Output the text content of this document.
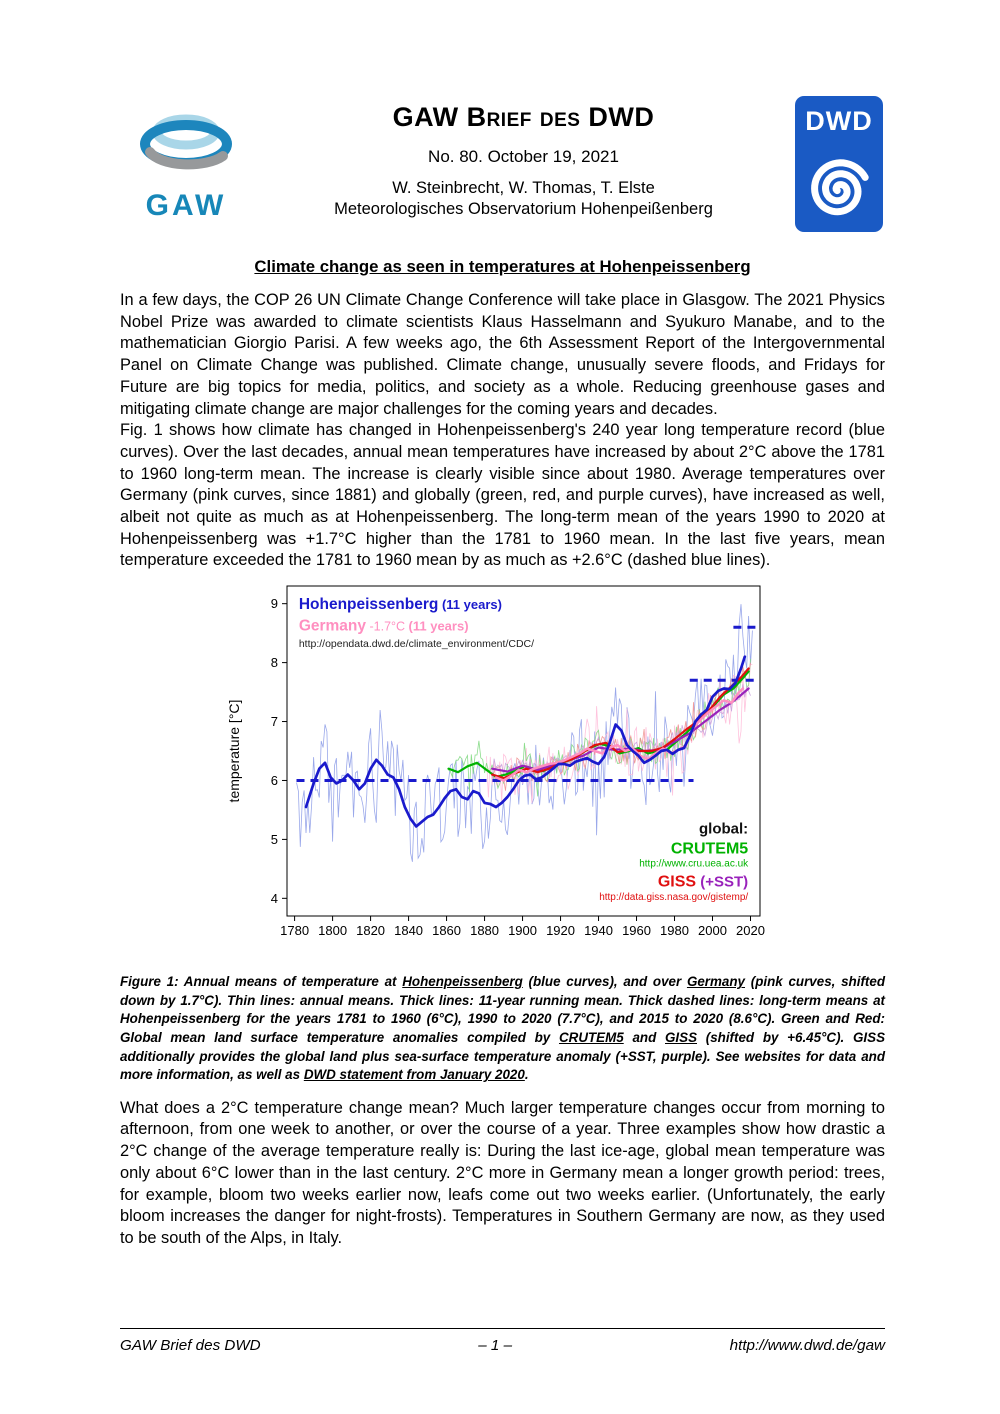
GAW
GAW Brief des DWD
No. 80. October 19, 2021
W. Steinbrecht, W. Thomas, T. Elste
Meteorologisches Observatorium Hohenpeißenberg
DWD
Climate change as seen in temperatures at Hohenpeissenberg

In a few days, the COP 26 UN Climate Change Conference will take place in Glasgow. The 2021 Physics Nobel Prize was awarded to climate scientists Klaus Hasselmann and Syukuro Manabe, and to the mathematician Giorgio Parisi. A few weeks ago, the 6th Assessment Report of the Intergovernmental Panel on Climate Change was published. Climate change, unusually severe floods, and Fridays for Future are big topics for media, politics, and society as a whole. Reducing greenhouse gases and mitigating climate change are major challenges for the coming years and decades.

Fig. 1 shows how climate has changed in Hohenpeissenberg's 240 year long temperature record (blue curves). Over the last decades, annual mean temperatures have increased by about 2°C above the 1781 to 1960 long-term mean. The increase is clearly visible since about 1980. Average temperatures over Germany (pink curves, since 1881) and globally (green, red, and purple curves), have increased as well, albeit not quite as much as at Hohenpeissenberg. The long-term mean of the years 1990 to 2020 at Hohenpeissenberg was +1.7°C higher than the 1781 to 1960 mean. In the last five years, mean temperature exceeded the 1781 to 1960 mean by as much as +2.6°C (dashed blue lines).

4
5
6
7
8
9
1780 1800 1820 1840 1860 1880 1900 1920 1940 1960 1980 2000 2020
temperature [°C]
Hohenpeissenberg (11 years)
Germany -1.7°C (11 years)
http://opendata.dwd.de/climate_environment/CDC/
global:
CRUTEM5
http://www.cru.uea.ac.uk
GISS (+SST)
http://data.giss.nasa.gov/gistemp/
Figure 1: Annual means of temperature at Hohenpeissenberg (blue curves), and over Germany (pink curves, shifted down by 1.7°C). Thin lines: annual means. Thick lines: 11-year running mean. Thick dashed lines: long-term means at Hohenpeissenberg for the years 1781 to 1960 (6°C), 1990 to 2020 (7.7°C), and 2015 to 2020 (8.6°C). Green and Red: Global mean land surface temperature anomalies compiled by CRUTEM5 and GISS (shifted by +6.45°C). GISS additionally provides the global land plus sea-surface temperature anomaly (+SST, purple). See websites for data and more information, as well as DWD statement from January 2020.

What does a 2°C temperature change mean? Much larger temperature changes occur from morning to afternoon, from one week to another, or over the course of a year. Three examples show how drastic a 2°C change of the average temperature really is: During the last ice-age, global mean temperature was only about 6°C lower than in the last century. 2°C more in Germany mean a longer growth period: trees, for example, bloom two weeks earlier now, leafs come out two weeks earlier. (Unfortunately, the early bloom increases the danger for night-frosts). Temperatures in Southern Germany are now, as they used to be south of the Alps, in Italy.

GAW Brief des DWD	– 1 –	http://www.dwd.de/gaw
